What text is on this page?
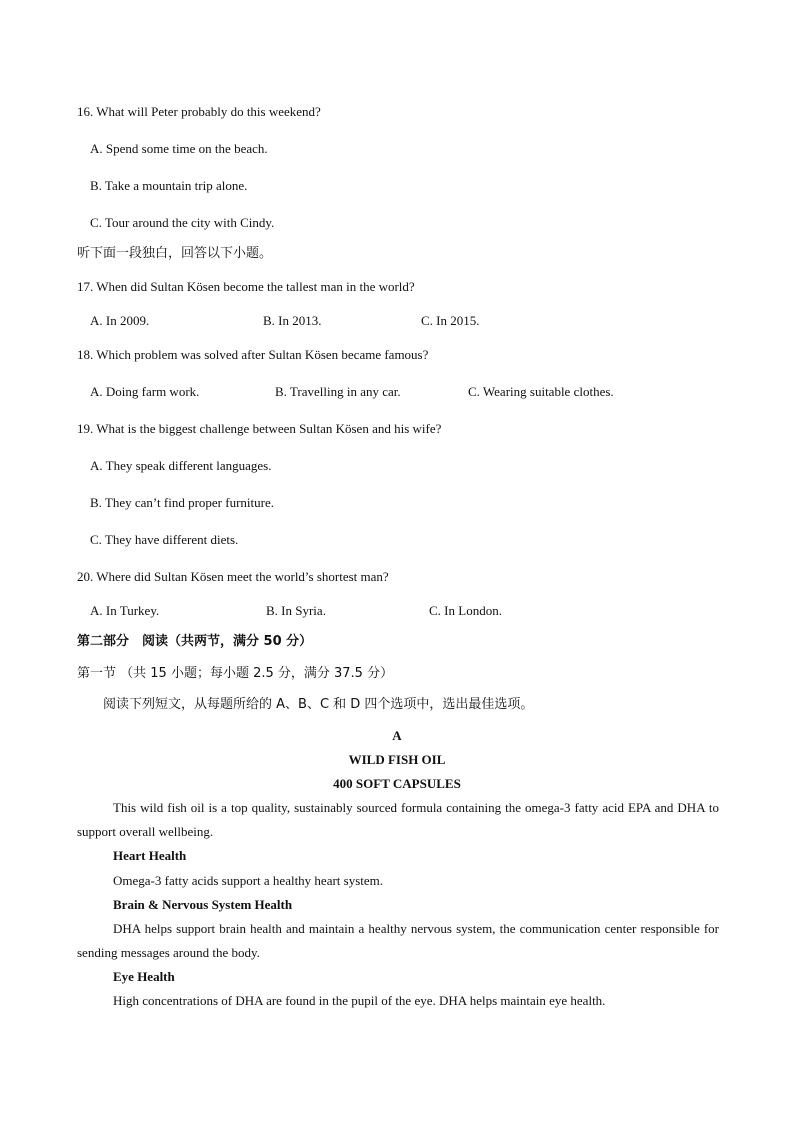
16. What will Peter probably do this weekend?
A. Spend some time on the beach.
B. Take a mountain trip alone.
C. Tour around the city with Cindy.
听下面一段独白，回答以下小题。
17. When did Sultan Kösen become the tallest man in the world?
A. In 2009.	B. In 2013.	C. In 2015.
18. Which problem was solved after Sultan Kösen became famous?
A. Doing farm work.	B. Travelling in any car.	C. Wearing suitable clothes.
19. What is the biggest challenge between Sultan Kösen and his wife?
A. They speak different languages.
B. They can’t find proper furniture.
C. They have different diets.
20. Where did Sultan Kösen meet the world’s shortest man?
A. In Turkey.	B. In Syria.	C. In London.
第二部分　阅读（共两节，满分 50 分）
第一节 （共 15 小题；每小题 2.5 分，满分 37.5 分）
阅读下列短文，从每题所给的 A、B、C 和 D 四个选项中，选出最佳选项。
A
WILD FISH OIL
400 SOFT CAPSULES
This wild fish oil is a top quality, sustainably sourced formula containing the omega-3 fatty acid EPA and DHA to support overall wellbeing.
Heart Health
Omega-3 fatty acids support a healthy heart system.
Brain & Nervous System Health
DHA helps support brain health and maintain a healthy nervous system, the communication center responsible for sending messages around the body.
Eye Health
High concentrations of DHA are found in the pupil of the eye. DHA helps maintain eye health.
